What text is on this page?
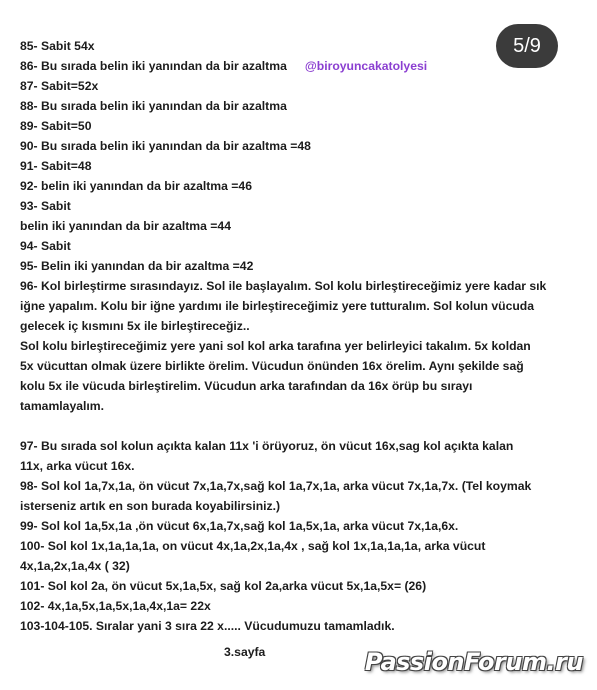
5/9
85- Sabit 54x
86- Bu sırada belin iki yanından da bir azaltma @biroyuncakatolyesi
87- Sabit=52x
88- Bu sırada belin iki yanından da bir azaltma
89- Sabit=50
90- Bu sırada belin iki yanından da bir azaltma =48
91- Sabit=48
92- belin iki yanından da bir azaltma =46
93- Sabit
belin iki yanından da bir azaltma =44
94- Sabit
95- Belin iki yanından da bir azaltma =42
96- Kol birleştirme sırasındayız. Sol ile başlayalım. Sol kolu birleştireceğimiz yere kadar sık
iğne yapalım. Kolu bir iğne yardımı ile birleştireceğimiz yere tutturalım. Sol kolun vücuda
gelecek iç kısmını 5x ile birleştireceğiz..
Sol kolu birleştireceğimiz yere yani sol kol arka tarafına yer belirleyici takalım. 5x koldan
5x vücuttan olmak üzere birlikte örelim. Vücudun önünden 16x örelim. Aynı şekilde sağ
kolu 5x ile vücuda birleştirelim. Vücudun arka tarafından da 16x örüp bu sırayı
tamamlayalım.
97- Bu sırada sol kolun açıkta kalan 11x 'i örüyoruz, ön vücut 16x,sag kol açıkta kalan
11x, arka vücut 16x.
98- Sol kol 1a,7x,1a, ön vücut 7x,1a,7x,sağ kol 1a,7x,1a, arka vücut 7x,1a,7x. (Tel koymak
isterseniz artık en son burada koyabilirsiniz.)
99- Sol kol 1a,5x,1a ,ön vücut 6x,1a,7x,sağ kol 1a,5x,1a, arka vücut 7x,1a,6x.
100- Sol kol 1x,1a,1a,1a, on vücut 4x,1a,2x,1a,4x , sağ kol 1x,1a,1a,1a, arka vücut
4x,1a,2x,1a,4x ( 32)
101- Sol kol 2a, ön vücut 5x,1a,5x, sağ kol 2a,arka vücut 5x,1a,5x= (26)
102- 4x,1a,5x,1a,5x,1a,4x,1a= 22x
103-104-105. Sıralar yani 3 sıra 22 x..... Vücudumuzu tamamladık.
3.sayfa	PassionForum.ru
